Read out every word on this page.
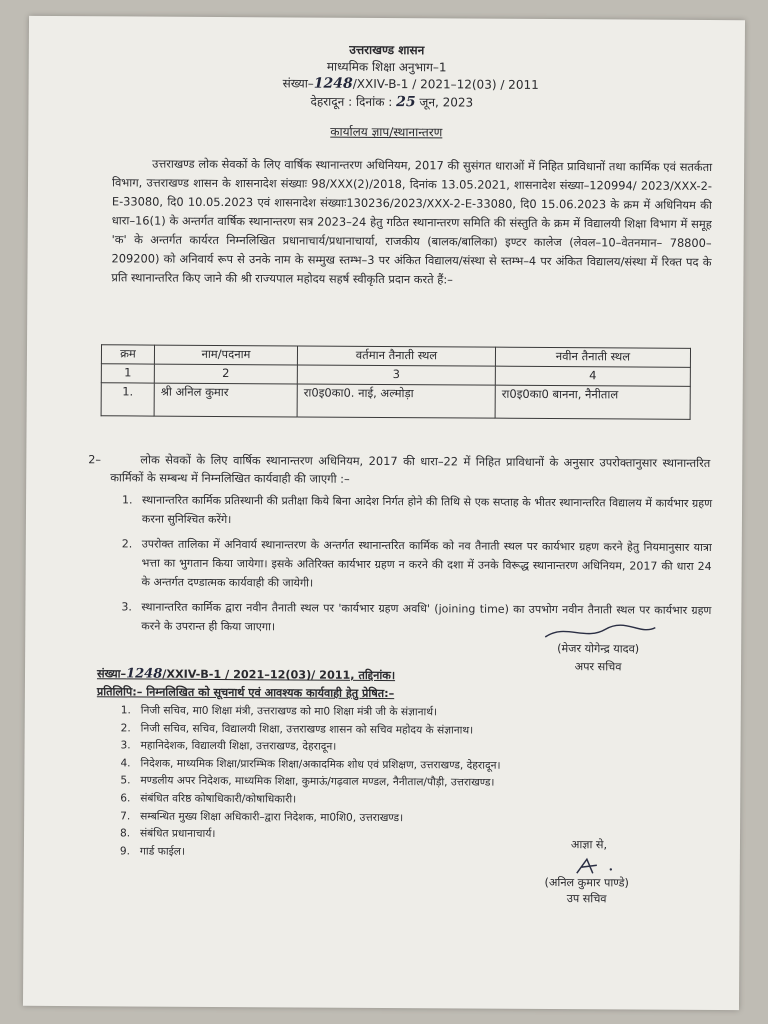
उत्तराखण्ड शासन
माध्यमिक शिक्षा अनुभाग–1
संख्या–1248/XXIV-B-1 / 2021–12(03) / 2011
देहरादून : दिनांक : 25 जून, 2023
कार्यालय ज्ञाप/स्थानान्तरण
उत्तराखण्ड लोक सेवकों के लिए वार्षिक स्थानान्तरण अधिनियम, 2017 की सुसंगत धाराओं में निहित प्राविधानों तथा कार्मिक एवं सतर्कता विभाग, उत्तराखण्ड शासन के शासनादेश संख्याः 98/XXX(2)/2018, दिनांक 13.05.2021, शासनादेश संख्या–120994/ 2023/XXX-2-E-33080, दि0 10.05.2023 एवं शासनादेश संख्याः130236/2023/XXX-2-E-33080, दि0 15.06.2023 के क्रम में अधिनियम की धारा–16(1) के अन्तर्गत वार्षिक स्थानान्तरण सत्र 2023–24 हेतु गठित स्थानान्तरण समिति की संस्तुति के क्रम में विद्यालयी शिक्षा विभाग में समूह 'क' के अन्तर्गत कार्यरत निम्नलिखित प्रधानाचार्य/प्रधानाचार्या, राजकीय (बालक/बालिका) इण्टर कालेज (लेवल–10–वेतनमान– 78800–209200) को अनिवार्य रूप से उनके नाम के सम्मुख स्तम्भ–3 पर अंकित विद्यालय/संस्था से स्तम्भ–4 पर अंकित विद्यालय/संस्था में रिक्त पद के प्रति स्थानान्तरित किए जाने की श्री राज्यपाल महोदय सहर्ष स्वीकृति प्रदान करते हैं:–
क्रम	नाम/पदनाम	वर्तमान तैनाती स्थल	नवीन तैनाती स्थल
1	2	3	4
1.	श्री अनिल कुमार	रा0इ0का0. नाई, अल्मोड़ा	रा0इ0का0 बानना, नैनीताल
2–	लोक सेवकों के लिए वार्षिक स्थानान्तरण अधिनियम, 2017 की धारा–22 में निहित प्राविधानों के अनुसार उपरोक्तानुसार स्थानान्तरित कार्मिकों के सम्बन्ध में निम्नलिखित कार्यवाही की जाएगी :–
1. स्थानान्तरित कार्मिक प्रतिस्थानी की प्रतीक्षा किये बिना आदेश निर्गत होने की तिथि से एक सप्ताह के भीतर स्थानान्तरित विद्यालय में कार्यभार ग्रहण करना सुनिश्चित करेंगे।
2. उपरोक्त तालिका में अनिवार्य स्थानान्तरण के अन्तर्गत स्थानान्तरित कार्मिक को नव तैनाती स्थल पर कार्यभार ग्रहण करने हेतु नियमानुसार यात्रा भत्ता का भुगतान किया जायेगा। इसके अतिरिक्त कार्यभार ग्रहण न करने की दशा में उनके विरूद्ध स्थानान्तरण अधिनियम, 2017 की धारा 24 के अन्तर्गत दण्डात्मक कार्यवाही की जायेगी।
3. स्थानान्तरित कार्मिक द्वारा नवीन तैनाती स्थल पर 'कार्यभार ग्रहण अवधि' (joining time) का उपभोग नवीन तैनाती स्थल पर कार्यभार ग्रहण करने के उपरान्त ही किया जाएगा।
(मेजर योगेन्द्र यादव)
अपर सचिव
संख्या–1248/XXIV-B-1 / 2021–12(03)/ 2011, तद्दिनांक।
प्रतिलिपि:– निम्नलिखित को सूचनार्थ एवं आवश्यक कार्यवाही हेतु प्रेषित:–
1. निजी सचिव, मा0 शिक्षा मंत्री, उत्तराखण्ड को मा0 शिक्षा मंत्री जी के संज्ञानार्थ।
2. निजी सचिव, सचिव, विद्यालयी शिक्षा, उत्तराखण्ड शासन को सचिव महोदय के संज्ञानाथ।
3. महानिदेशक, विद्यालयी शिक्षा, उत्तराखण्ड, देहरादून।
4. निदेशक, माध्यमिक शिक्षा/प्रारम्भिक शिक्षा/अकादमिक शोध एवं प्रशिक्षण, उत्तराखण्ड, देहरादून।
5. मण्डलीय अपर निदेशक, माध्यमिक शिक्षा, कुमाऊं/गढ़वाल मण्डल, नैनीताल/पौड़ी, उत्तराखण्ड।
6. संबंधित वरिष्ठ कोषाधिकारी/कोषाधिकारी।
7. सम्बन्धित मुख्य शिक्षा अधिकारी–द्वारा निदेशक, मा0शि0, उत्तराखण्ड।
8. संबंधित प्रधानाचार्य।
9. गार्ड फाईल।
आज्ञा से,
(अनिल कुमार पाण्डे)
उप सचिव
